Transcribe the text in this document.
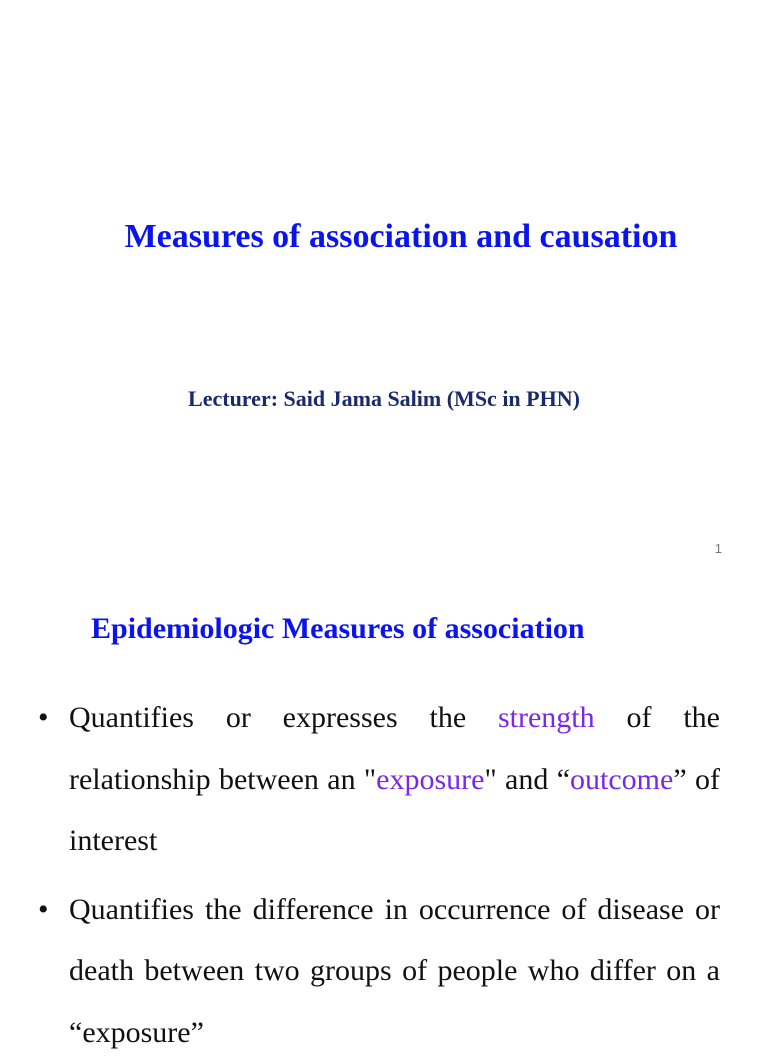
Measures of association and causation
Lecturer: Said Jama Salim (MSc in PHN)
1
Epidemiologic Measures of association
• Quantifies or expresses the strength of the relationship between an "exposure" and “outcome” of interest
• Quantifies the difference in occurrence of disease or death between two groups of people who differ on a “exposure”
